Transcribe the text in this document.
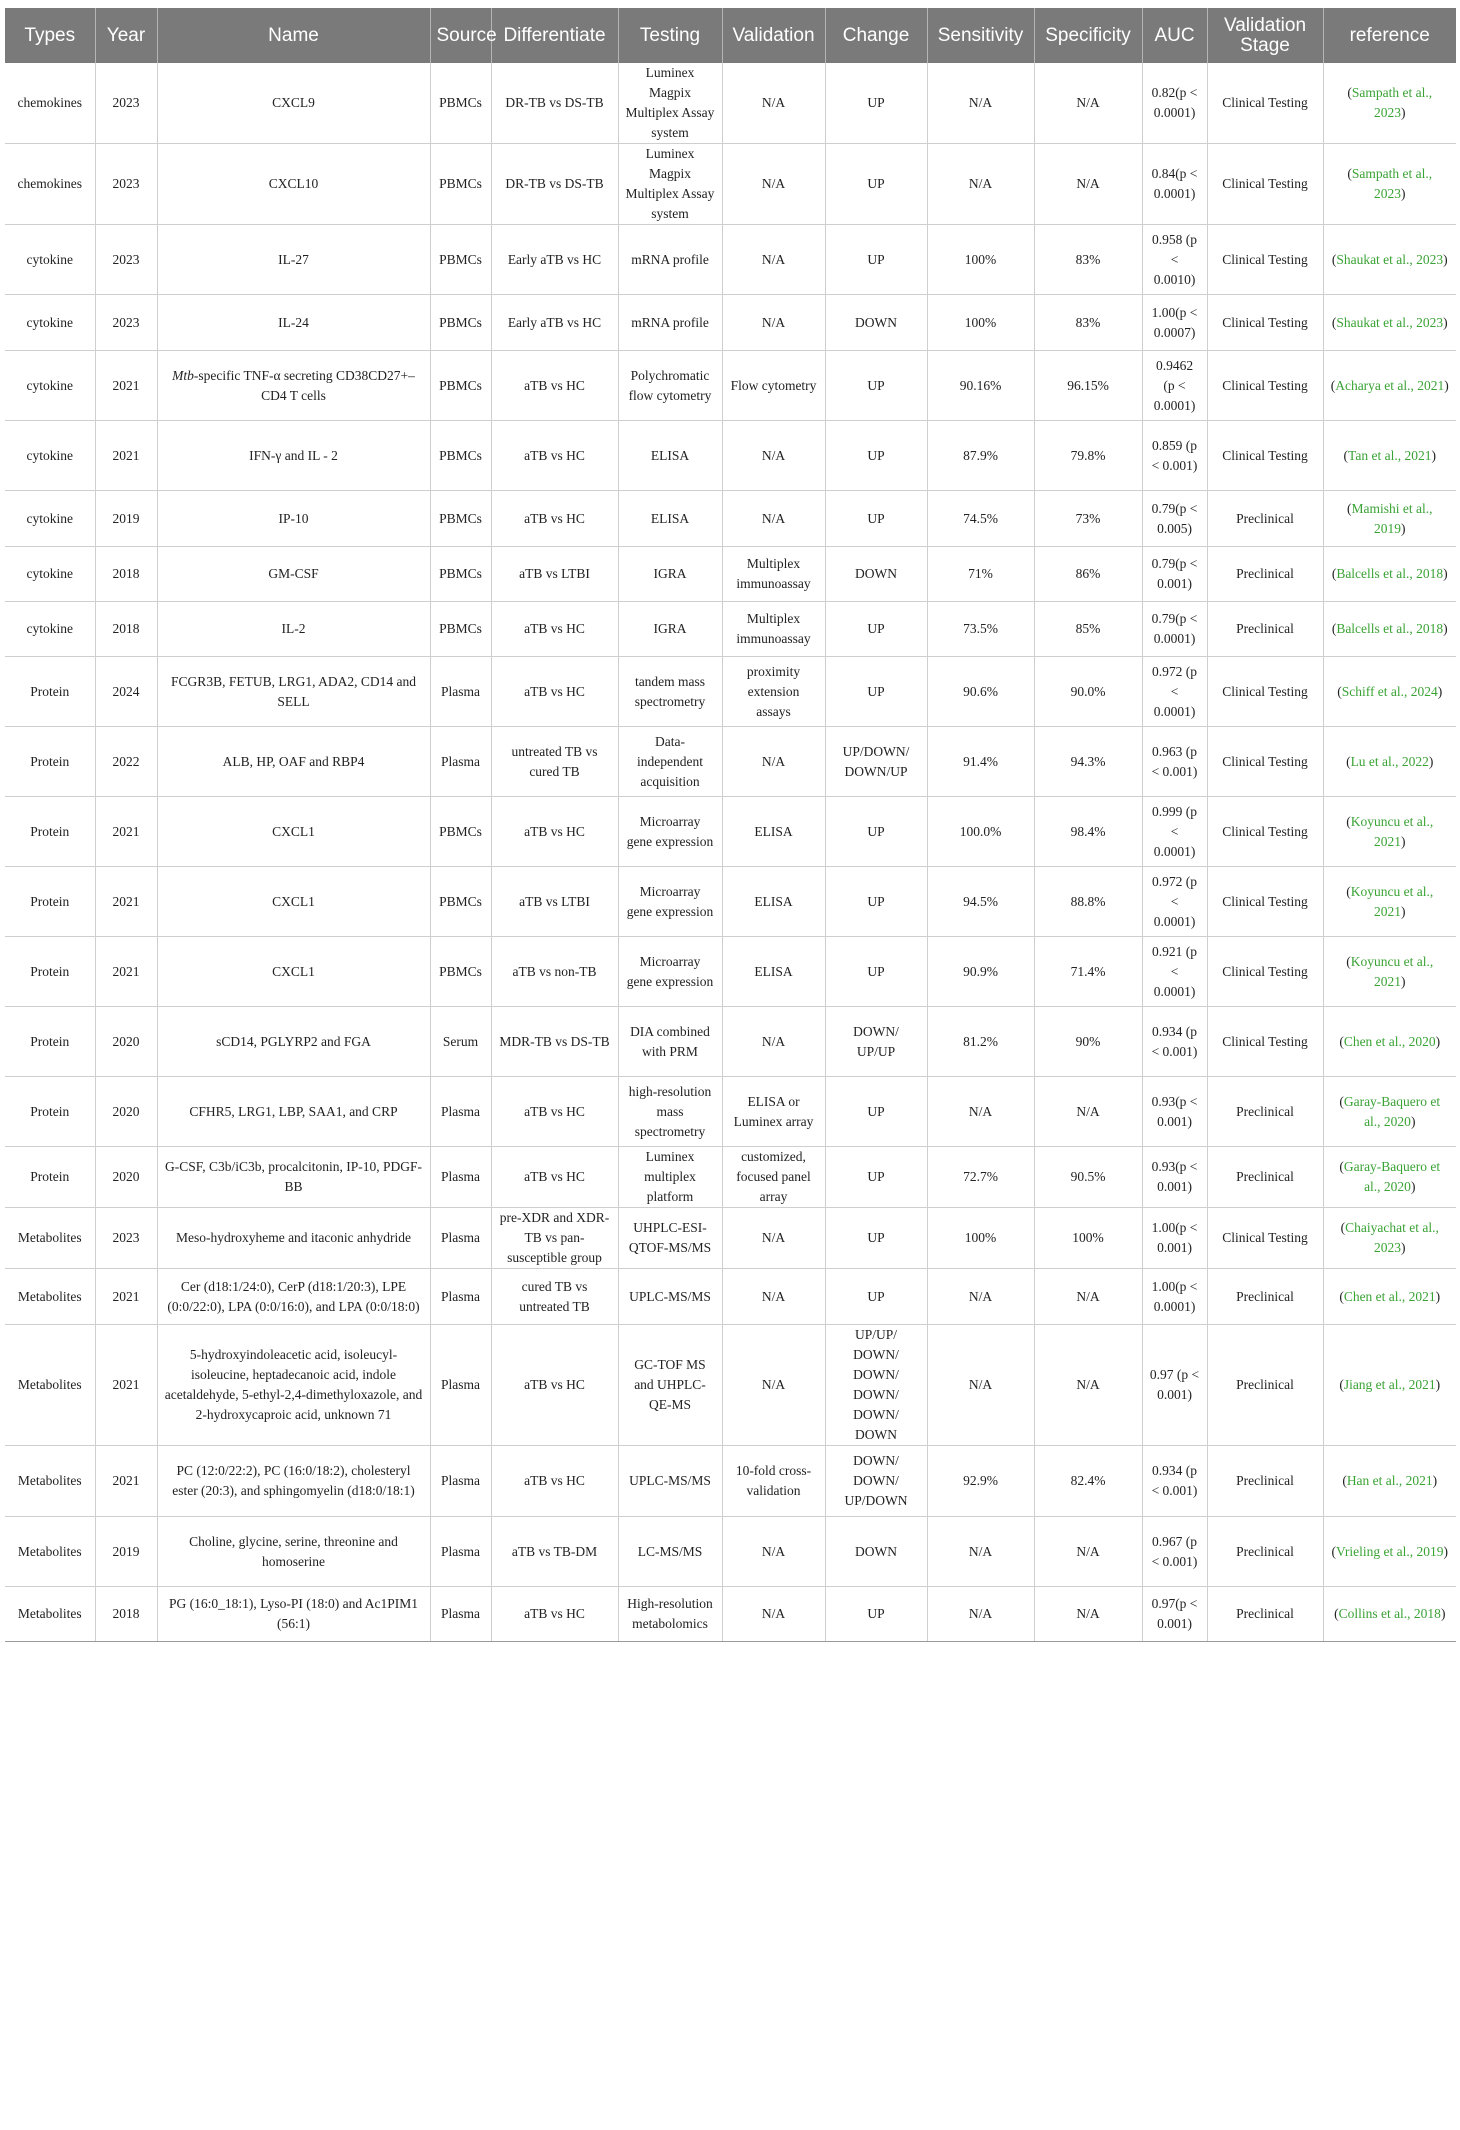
Types	Year	Name	Source	Differentiate	Testing	Validation	Change	Sensitivity	Specificity	AUC	Validation Stage	reference
chemokines	2023	CXCL9	PBMCs	DR-TB vs DS-TB	Luminex Magpix Multiplex Assay system	N/A	UP	N/A	N/A	0.82(p < 0.0001)	Clinical Testing	(Sampath et al., 2023)
chemokines	2023	CXCL10	PBMCs	DR-TB vs DS-TB	Luminex Magpix Multiplex Assay system	N/A	UP	N/A	N/A	0.84(p < 0.0001)	Clinical Testing	(Sampath et al., 2023)
cytokine	2023	IL-27	PBMCs	Early aTB vs HC	mRNA profile	N/A	UP	100%	83%	0.958 (p < 0.0010)	Clinical Testing	(Shaukat et al., 2023)
cytokine	2023	IL-24	PBMCs	Early aTB vs HC	mRNA profile	N/A	DOWN	100%	83%	1.00(p < 0.0007)	Clinical Testing	(Shaukat et al., 2023)
cytokine	2021	Mtb-specific TNF-α secreting CD38CD27+–CD4 T cells	PBMCs	aTB vs HC	Polychromatic flow cytometry	Flow cytometry	UP	90.16%	96.15%	0.9462 (p < 0.0001)	Clinical Testing	(Acharya et al., 2021)
cytokine	2021	IFN-γ and IL - 2	PBMCs	aTB vs HC	ELISA	N/A	UP	87.9%	79.8%	0.859 (p < 0.001)	Clinical Testing	(Tan et al., 2021)
cytokine	2019	IP-10	PBMCs	aTB vs HC	ELISA	N/A	UP	74.5%	73%	0.79(p < 0.005)	Preclinical	(Mamishi et al., 2019)
cytokine	2018	GM-CSF	PBMCs	aTB vs LTBI	IGRA	Multiplex immunoassay	DOWN	71%	86%	0.79(p < 0.001)	Preclinical	(Balcells et al., 2018)
cytokine	2018	IL-2	PBMCs	aTB vs HC	IGRA	Multiplex immunoassay	UP	73.5%	85%	0.79(p < 0.0001)	Preclinical	(Balcells et al., 2018)
Protein	2024	FCGR3B, FETUB, LRG1, ADA2, CD14 and SELL	Plasma	aTB vs HC	tandem mass spectrometry	proximity extension assays	UP	90.6%	90.0%	0.972 (p < 0.0001)	Clinical Testing	(Schiff et al., 2024)
Protein	2022	ALB, HP, OAF and RBP4	Plasma	untreated TB vs cured TB	Data-independent acquisition	N/A	UP/DOWN/ DOWN/UP	91.4%	94.3%	0.963 (p < 0.001)	Clinical Testing	(Lu et al., 2022)
Protein	2021	CXCL1	PBMCs	aTB vs HC	Microarray gene expression	ELISA	UP	100.0%	98.4%	0.999 (p < 0.0001)	Clinical Testing	(Koyuncu et al., 2021)
Protein	2021	CXCL1	PBMCs	aTB vs LTBI	Microarray gene expression	ELISA	UP	94.5%	88.8%	0.972 (p < 0.0001)	Clinical Testing	(Koyuncu et al., 2021)
Protein	2021	CXCL1	PBMCs	aTB vs non-TB	Microarray gene expression	ELISA	UP	90.9%	71.4%	0.921 (p < 0.0001)	Clinical Testing	(Koyuncu et al., 2021)
Protein	2020	sCD14, PGLYRP2 and FGA	Serum	MDR-TB vs DS-TB	DIA combined with PRM	N/A	DOWN/ UP/UP	81.2%	90%	0.934 (p < 0.001)	Clinical Testing	(Chen et al., 2020)
Protein	2020	CFHR5, LRG1, LBP, SAA1, and CRP	Plasma	aTB vs HC	high-resolution mass spectrometry	ELISA or Luminex array	UP	N/A	N/A	0.93(p < 0.001)	Preclinical	(Garay-Baquero et al., 2020)
Protein	2020	G-CSF, C3b/iC3b, procalcitonin, IP-10, PDGF-BB	Plasma	aTB vs HC	Luminex multiplex platform	customized, focused panel array	UP	72.7%	90.5%	0.93(p < 0.001)	Preclinical	(Garay-Baquero et al., 2020)
Metabolites	2023	Meso-hydroxyheme and itaconic anhydride	Plasma	pre-XDR and XDR-TB vs pan-susceptible group	UHPLC-ESI-QTOF-MS/MS	N/A	UP	100%	100%	1.00(p < 0.001)	Clinical Testing	(Chaiyachat et al., 2023)
Metabolites	2021	Cer (d18:1/24:0), CerP (d18:1/20:3), LPE (0:0/22:0), LPA (0:0/16:0), and LPA (0:0/18:0)	Plasma	cured TB vs untreated TB	UPLC-MS/MS	N/A	UP	N/A	N/A	1.00(p < 0.0001)	Preclinical	(Chen et al., 2021)
Metabolites	2021	5-hydroxyindoleacetic acid, isoleucyl-isoleucine, heptadecanoic acid, indole acetaldehyde, 5-ethyl-2,4-dimethyloxazole, and 2-hydroxycaproic acid, unknown 71	Plasma	aTB vs HC	GC-TOF MS and UHPLC-QE-MS	N/A	UP/UP/ DOWN/ DOWN/ DOWN/ DOWN/ DOWN	N/A	N/A	0.97 (p < 0.001)	Preclinical	(Jiang et al., 2021)
Metabolites	2021	PC (12:0/22:2), PC (16:0/18:2), cholesteryl ester (20:3), and sphingomyelin (d18:0/18:1)	Plasma	aTB vs HC	UPLC-MS/MS	10-fold cross-validation	DOWN/ DOWN/ UP/DOWN	92.9%	82.4%	0.934 (p < 0.001)	Preclinical	(Han et al., 2021)
Metabolites	2019	Choline, glycine, serine, threonine and homoserine	Plasma	aTB vs TB-DM	LC-MS/MS	N/A	DOWN	N/A	N/A	0.967 (p < 0.001)	Preclinical	(Vrieling et al., 2019)
Metabolites	2018	PG (16:0_18:1), Lyso-PI (18:0) and Ac1PIM1 (56:1)	Plasma	aTB vs HC	High-resolution metabolomics	N/A	UP	N/A	N/A	0.97(p < 0.001)	Preclinical	(Collins et al., 2018)
